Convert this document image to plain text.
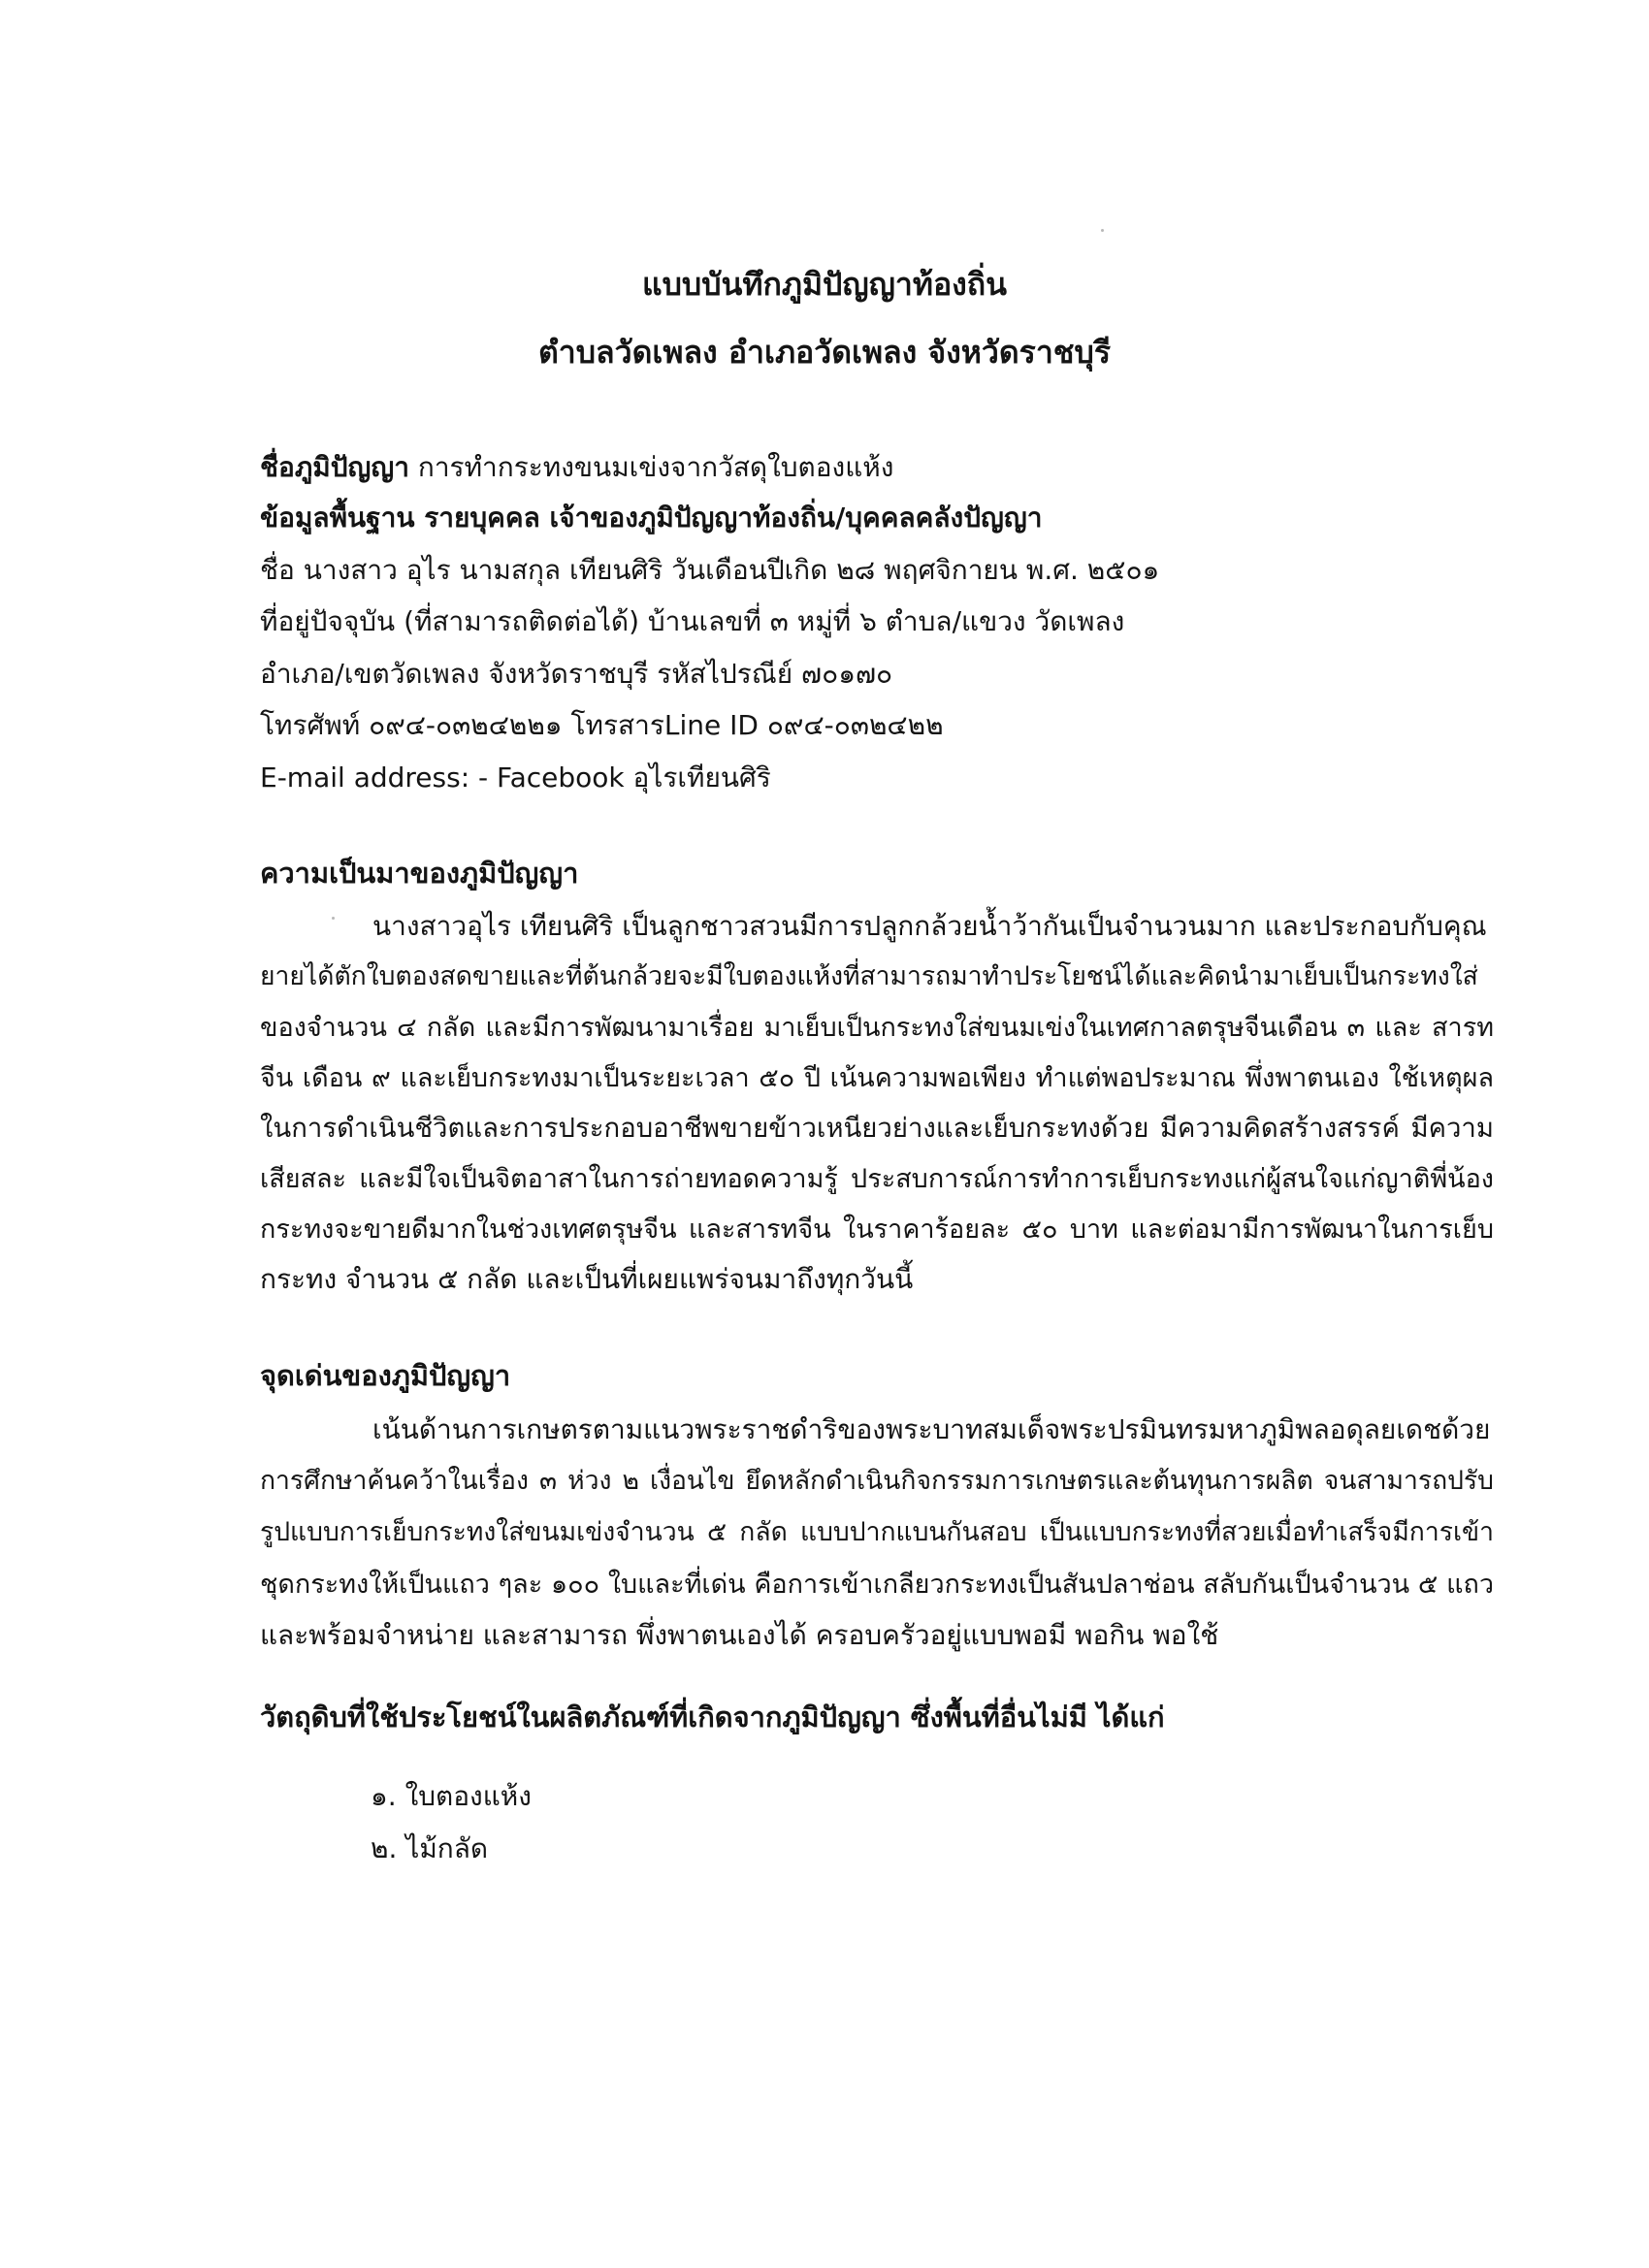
แบบบันทึกภูมิปัญญาท้องถิ่น
ตำบลวัดเพลง อำเภอวัดเพลง จังหวัดราชบุรี
ชื่อภูมิปัญญา การทำกระทงขนมเข่งจากวัสดุใบตองแห้ง
ข้อมูลพื้นฐาน รายบุคคล เจ้าของภูมิปัญญาท้องถิ่น/บุคคลคลังปัญญา
ชื่อ นางสาว อุไร นามสกุล เทียนศิริ วันเดือนปีเกิด ๒๘ พฤศจิกายน พ.ศ. ๒๕๐๑
ที่อยู่ปัจจุบัน (ที่สามารถติดต่อได้) บ้านเลขที่ ๓ หมู่ที่ ๖ ตำบล/แขวง วัดเพลง
อำเภอ/เขตวัดเพลง จังหวัดราชบุรี รหัสไปรณีย์ ๗๐๑๗๐
โทรศัพท์ ๐๙๔-๐๓๒๔๒๒๑ โทรสารLine ID ๐๙๔-๐๓๒๔๒๒
E-mail address: - Facebook อุไรเทียนศิริ
ความเป็นมาของภูมิปัญญา
นางสาวอุไร เทียนศิริ เป็นลูกชาวสวนมีการปลูกกล้วยน้ำว้ากันเป็นจำนวนมาก และประกอบกับคุณ
ยายได้ตักใบตองสดขายและที่ต้นกล้วยจะมีใบตองแห้งที่สามารถมาทำประโยชน์ได้และคิดนำมาเย็บเป็นกระทงใส่
ของจำนวน ๔ กลัด และมีการพัฒนามาเรื่อย มาเย็บเป็นกระทงใส่ขนมเข่งในเทศกาลตรุษจีนเดือน ๓ และ สารท
จีน เดือน ๙ และเย็บกระทงมาเป็นระยะเวลา ๕๐ ปี เน้นความพอเพียง ทำแต่พอประมาณ พึ่งพาตนเอง ใช้เหตุผล
ในการดำเนินชีวิตและการประกอบอาชีพขายข้าวเหนียวย่างและเย็บกระทงด้วย มีความคิดสร้างสรรค์ มีความ
เสียสละ และมีใจเป็นจิตอาสาในการถ่ายทอดความรู้ ประสบการณ์การทำการเย็บกระทงแก่ผู้สนใจแก่ญาติพี่น้อง
กระทงจะขายดีมากในช่วงเทศตรุษจีน และสารทจีน ในราคาร้อยละ ๕๐ บาท และต่อมามีการพัฒนาในการเย็บ
กระทง จำนวน ๕ กลัด และเป็นที่เผยแพร่จนมาถึงทุกวันนี้
จุดเด่นของภูมิปัญญา
เน้นด้านการเกษตรตามแนวพระราชดำริของพระบาทสมเด็จพระปรมินทรมหาภูมิพลอดุลยเดชด้วย
การศึกษาค้นคว้าในเรื่อง ๓ ห่วง ๒ เงื่อนไข ยึดหลักดำเนินกิจกรรมการเกษตรและต้นทุนการผลิต จนสามารถปรับ
รูปแบบการเย็บกระทงใส่ขนมเข่งจำนวน ๕ กลัด แบบปากแบนกันสอบ เป็นแบบกระทงที่สวยเมื่อทำเสร็จมีการเข้า
ชุดกระทงให้เป็นแถว ๆละ ๑๐๐ ใบและที่เด่น คือการเข้าเกลียวกระทงเป็นสันปลาช่อน สลับกันเป็นจำนวน ๕ แถว
และพร้อมจำหน่าย และสามารถ พึ่งพาตนเองได้ ครอบครัวอยู่แบบพอมี พอกิน พอใช้
วัตถุดิบที่ใช้ประโยชน์ในผลิตภัณฑ์ที่เกิดจากภูมิปัญญา ซึ่งพื้นที่อื่นไม่มี ได้แก่
๑. ใบตองแห้ง
๒. ไม้กลัด
